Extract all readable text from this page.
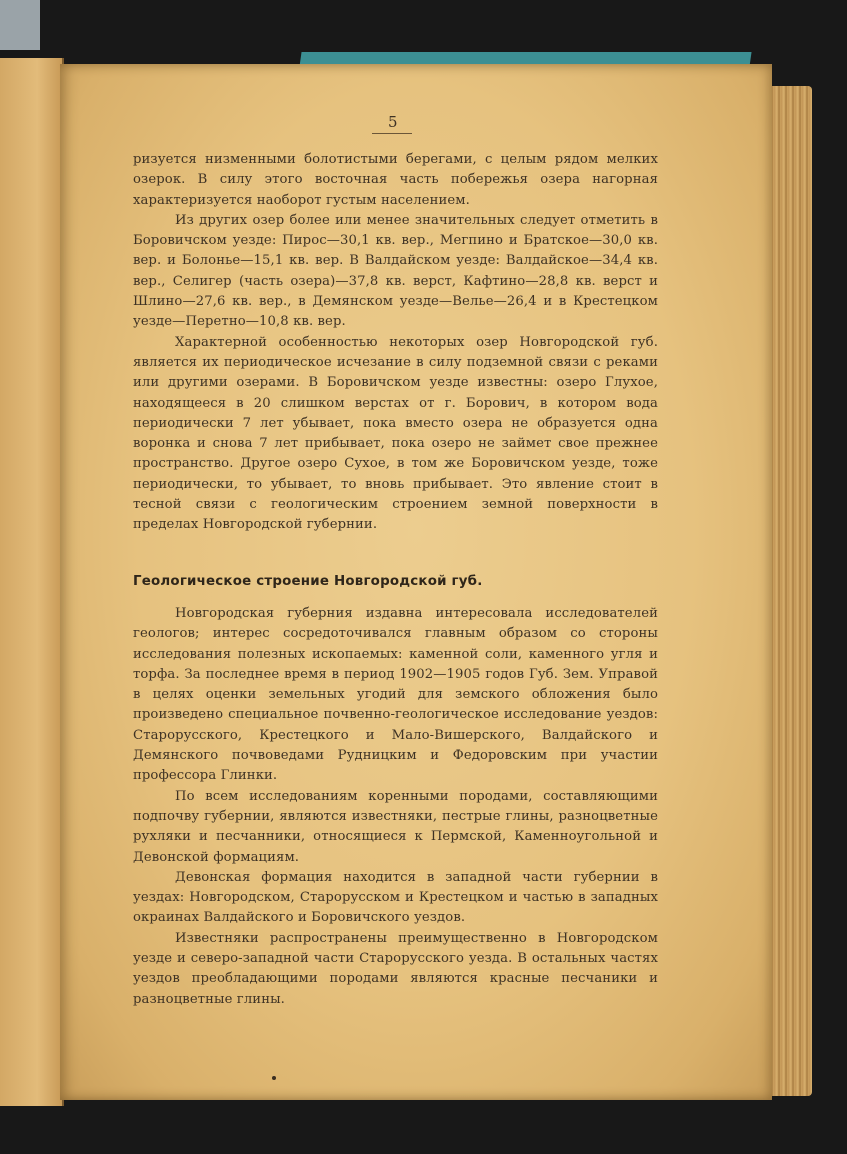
5

ризуется низменными болотистыми берегами, с целым рядом мелких озерок. В силу этого восточная часть побережья озера нагорная характеризуется наоборот густым населением.

Из других озер более или менее значительных следует отметить в Боровичском уезде: Пирос—30,1 кв. вер., Мегпино и Братское—30,0 кв. вер. и Болонье—15,1 кв. вер. В Валдайском уезде: Валдайское—34,4 кв. вер., Селигер (часть озера)—37,8 кв. верст, Кафтино—28,8 кв. верст и Шлино—27,6 кв. вер., в Демянском уезде—Велье—26,4 и в Крестецком уезде—Перетно—10,8 кв. вер.

Характерной особенностью некоторых озер Новгородской губ. является их периодическое исчезание в силу подземной связи с реками или другими озерами. В Боровичском уезде известны: озеро Глухое, находящееся в 20 слишком верстах от г. Борович, в котором вода периодически 7 лет убывает, пока вместо озера не образуется одна воронка и снова 7 лет прибывает, пока озеро не займет свое прежнее пространство. Другое озеро Сухое, в том же Боровичском уезде, тоже периодически, то убывает, то вновь прибывает. Это явление стоит в тесной связи с геологическим строением земной поверхности в пределах Новгородской губернии.

Геологическое строение Новгородской губ.

Новгородская губерния издавна интересовала исследователей геологов; интерес сосредоточивался главным образом со стороны исследования полезных ископаемых: каменной соли, каменного угля и торфа. За последнее время в период 1902—1905 годов Губ. Зем. Управой в целях оценки земельных угодий для земского обложения было произведено специальное почвенно-геологическое исследование уездов: Старорусского, Крестецкого и Мало-Вишерского, Валдайского и Демянского почвоведами Рудницким и Федоровским при участии профессора Глинки.

По всем исследованиям коренными породами, составляющими подпочву губернии, являются известняки, пестрые глины, разноцветные рухляки и песчанники, относящиеся к Пермской, Каменноугольной и Девонской формациям.

Девонская формация находится в западной части губернии в уездах: Новгородском, Старорусском и Крестецком и частью в западных окраинах Валдайского и Боровичского уездов.

Известняки распространены преимущественно в Новгородском уезде и северо-западной части Старорусского уезда. В остальных частях уездов преобладающими породами являются красные песчаники и разноцветные глины.
